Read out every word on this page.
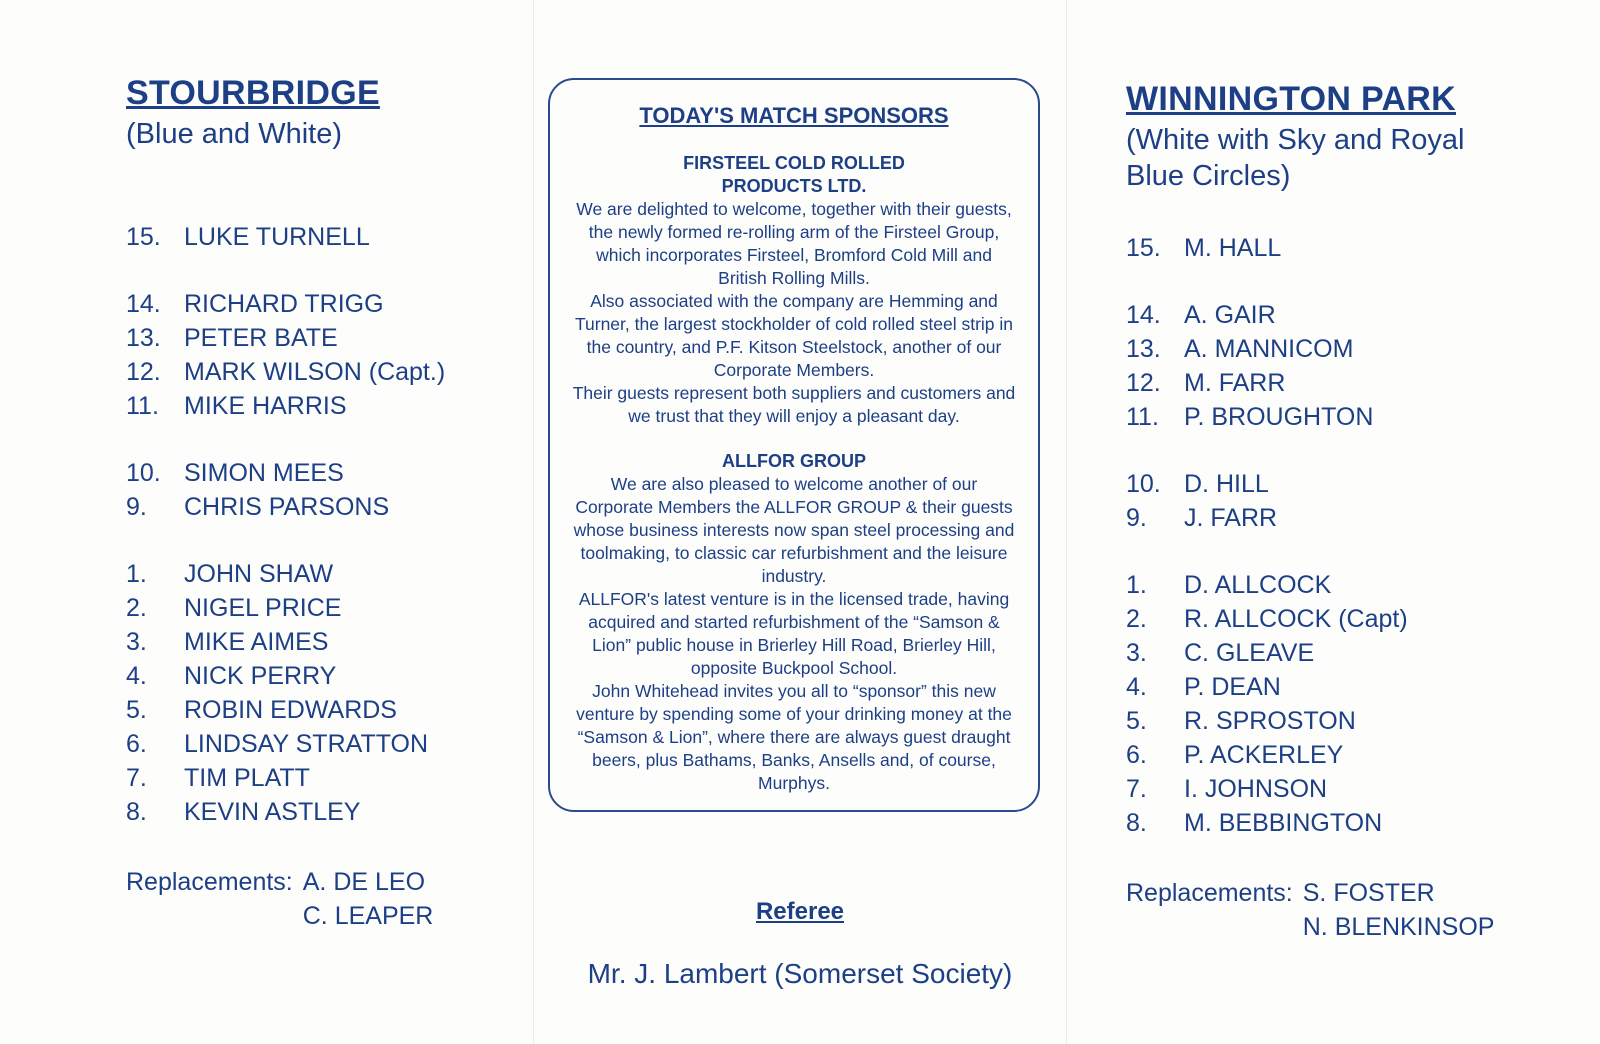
STOURBRIDGE
(Blue and White)
15. LUKE TURNELL
14. RICHARD TRIGG
13. PETER BATE
12. MARK WILSON (Capt.)
11.	MIKE HARRIS
10. SIMON MEES
9.	CHRIS PARSONS
1.	JOHN SHAW
2.	NIGEL PRICE
3.	MIKE AIMES
4.	NICK PERRY
5.	ROBIN EDWARDS
6.	LINDSAY STRATTON
7.	TIM PLATT
8.	KEVIN ASTLEY
Replacements: A. DE LEO
C. LEAPER
TODAY'S MATCH SPONSORS
FIRSTEEL COLD ROLLED
PRODUCTS LTD.
We are delighted to welcome, together with their guests,
the newly formed re-rolling arm of the Firsteel Group,
which incorporates Firsteel, Bromford Cold Mill and
British Rolling Mills.
Also associated with the company are Hemming and
Turner, the largest stockholder of cold rolled steel strip in
the country, and P.F. Kitson Steelstock, another of our
Corporate Members.
Their guests represent both suppliers and customers and
we trust that they will enjoy a pleasant day.
ALLFOR GROUP
We are also pleased to welcome another of our
Corporate Members the ALLFOR GROUP & their guests
whose business interests now span steel processing and
toolmaking, to classic car refurbishment and the leisure
industry.
ALLFOR's latest venture is in the licensed trade, having
acquired and started refurbishment of the “Samson &
Lion” public house in Brierley Hill Road, Brierley Hill,
opposite Buckpool School.
John Whitehead invites you all to “sponsor” this new
venture by spending some of your drinking money at the
“Samson & Lion”, where there are always guest draught
beers, plus Bathams, Banks, Ansells and, of course,
Murphys.
WINNINGTON PARK
(White with Sky and Royal
Blue Circles)
15. M. HALL
14. A. GAIR
13. A. MANNICOM
12. M. FARR
11.	P. BROUGHTON
10. D. HILL
9.	J. FARR
1.	D. ALLCOCK
2.	R. ALLCOCK (Capt)
3.	C. GLEAVE
4.	P. DEAN
5.	R. SPROSTON
6.	P. ACKERLEY
7.	I. JOHNSON
8.	M. BEBBINGTON
Replacements: S. FOSTER
N. BLENKINSOP
Referee
Mr. J. Lambert (Somerset Society)
